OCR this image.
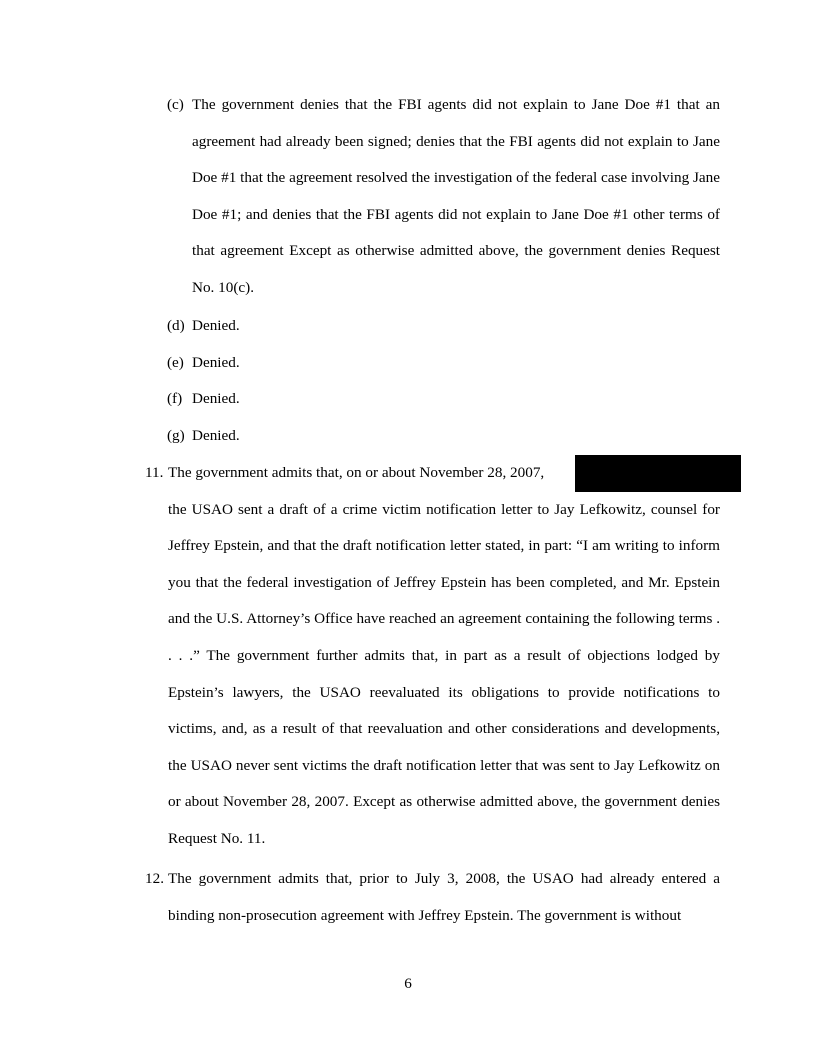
(c) The government denies that the FBI agents did not explain to Jane Doe #1 that an agreement had already been signed; denies that the FBI agents did not explain to Jane Doe #1 that the agreement resolved the investigation of the federal case involving Jane Doe #1; and denies that the FBI agents did not explain to Jane Doe #1 other terms of that agreement Except as otherwise admitted above, the government denies Request No. 10(c).
(d) Denied.
(e) Denied.
(f) Denied.
(g) Denied.
11. The government admits that, on or about November 28, 2007,
the USAO sent a draft of a crime victim notification letter to Jay Lefkowitz, counsel for Jeffrey Epstein, and that the draft notification letter stated, in part: “I am writing to inform you that the federal investigation of Jeffrey Epstein has been completed, and Mr. Epstein and the U.S. Attorney’s Office have reached an agreement containing the following terms . . . .” The government further admits that, in part as a result of objections lodged by Epstein’s lawyers, the USAO reevaluated its obligations to provide notifications to victims, and, as a result of that reevaluation and other considerations and developments, the USAO never sent victims the draft notification letter that was sent to Jay Lefkowitz on or about November 28, 2007. Except as otherwise admitted above, the government denies Request No. 11.
12. The government admits that, prior to July 3, 2008, the USAO had already entered a binding non-prosecution agreement with Jeffrey Epstein. The government is without
6
